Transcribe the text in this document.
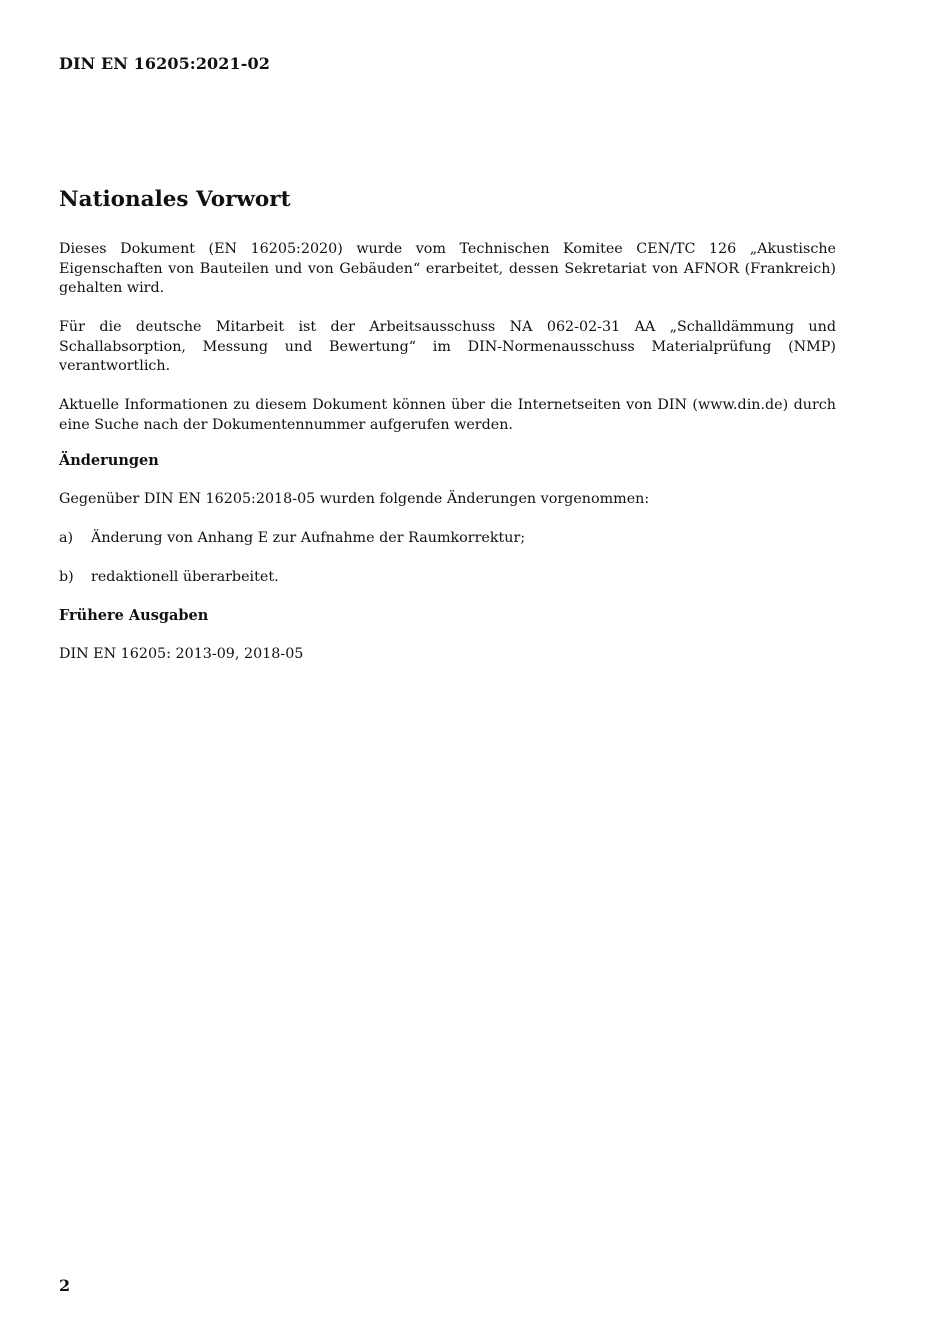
DIN EN 16205:2021-02
Nationales Vorwort

Dieses Dokument (EN 16205:2020) wurde vom Technischen Komitee CEN/TC 126 „Akustische Eigenschaften von Bauteilen und von Gebäuden“ erarbeitet, dessen Sekretariat von AFNOR (Frankreich) gehalten wird.

Für die deutsche Mitarbeit ist der Arbeitsausschuss NA 062-02-31 AA „Schalldämmung und Schallabsorption, Messung und Bewertung“ im DIN-Normenausschuss Materialprüfung (NMP) verantwortlich.

Aktuelle Informationen zu diesem Dokument können über die Internetseiten von DIN (www.din.de) durch eine Suche nach der Dokumentennummer aufgerufen werden.

Änderungen

Gegenüber DIN EN 16205:2018-05 wurden folgende Änderungen vorgenommen:

a) Änderung von Anhang E zur Aufnahme der Raumkorrektur;
b) redaktionell überarbeitet.
Frühere Ausgaben

DIN EN 16205: 2013-09, 2018-05

2
